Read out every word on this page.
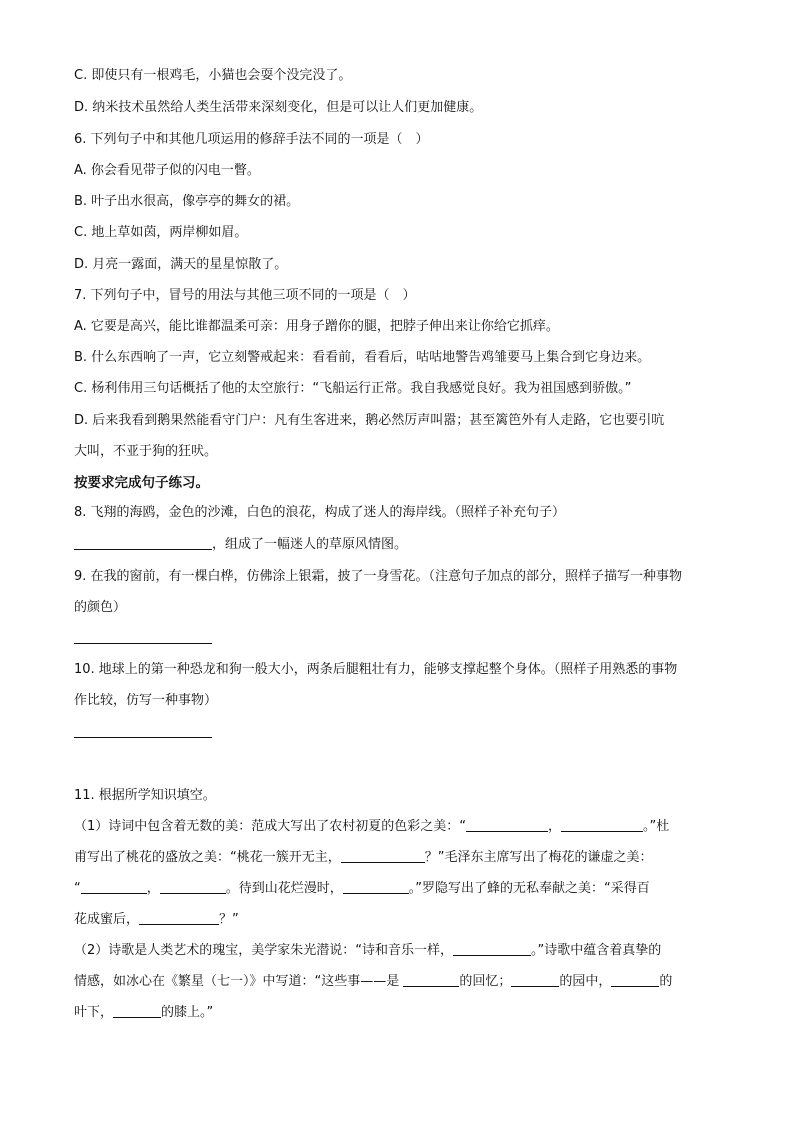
C. 即使只有一根鸡毛，小猫也会耍个没完没了。
D. 纳米技术虽然给人类生活带来深刻变化，但是可以让人们更加健康。
6. 下列句子中和其他几项运用的修辞手法不同的一项是（　）
A. 你会看见带子似的闪电一瞥。
B. 叶子出水很高，像亭亭的舞女的裙。
C. 地上草如茵，两岸柳如眉。
D. 月亮一露面，满天的星星惊散了。
7. 下列句子中，冒号的用法与其他三项不同的一项是（　）
A. 它要是高兴，能比谁都温柔可亲：用身子蹭你的腿，把脖子伸出来让你给它抓痒。
B. 什么东西响了一声，它立刻警戒起来：看看前，看看后，咕咕地警告鸡雏要马上集合到它身边来。
C. 杨利伟用三句话概括了他的太空旅行：“飞船运行正常。我自我感觉良好。我为祖国感到骄傲。”
D. 后来我看到鹅果然能看守门户：凡有生客进来，鹅必然厉声叫嚣；甚至篱笆外有人走路，它也要引吭
大叫，不亚于狗的狂吠。
按要求完成句子练习。
8. 飞翔的海鸥，金色的沙滩，白色的浪花，构成了迷人的海岸线。（照样子补充句子）
，组成了一幅迷人的草原风情图。
9. 在我的窗前，有一棵白桦，仿佛涂上银霜，披了一身雪花。（注意句子加点的部分，照样子描写一种事物
的颜色）
10. 地球上的第一种恐龙和狗一般大小，两条后腿粗壮有力，能够支撑起整个身体。（照样子用熟悉的事物
作比较，仿写一种事物）
11. 根据所学知识填空。
（1）诗词中包含着无数的美：范成大写出了农村初夏的色彩之美：“	，	。”杜
甫写出了桃花的盛放之美：“桃花一簇开无主，	？”毛泽东主席写出了梅花的谦虚之美：
“	，	。待到山花烂漫时，	。”罗隐写出了蜂的无私奉献之美：“采得百
花成蜜后，	？”
（2）诗歌是人类艺术的瑰宝，美学家朱光潜说：“诗和音乐一样，	。”诗歌中蕴含着真挚的
情感，如冰心在《繁星（七一）》中写道：“这些事——是	的回忆；	的园中，	的
叶下，	的膝上。”
